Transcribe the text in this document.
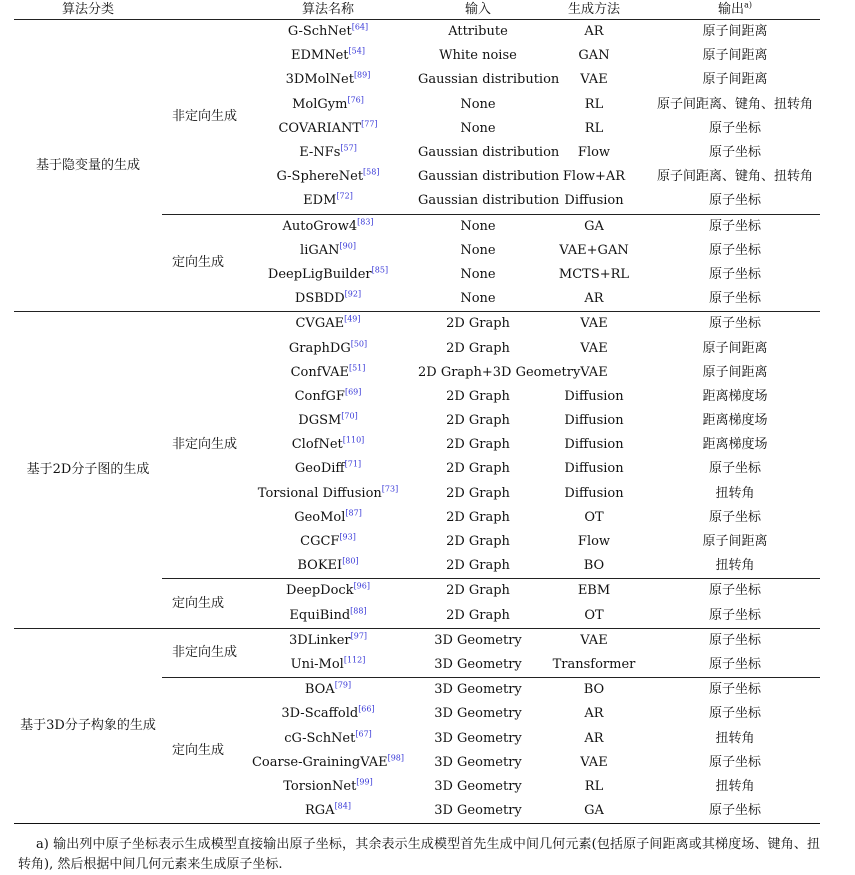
算法分类		算法名称	输入	生成方法	输出$^{a)}$
基于隐变量的生成	非定向生成	G-SchNet[64]	Attribute	AR	原子间距离
		EDMNet[54]	White noise	GAN	原子间距离
		3DMolNet[89]	Gaussian distribution	VAE	原子间距离
		MolGym[76]	None	RL	原子间距离、键角、扭转角
		COVARIANT[77]	None	RL	原子坐标
		E-NFs[57]	Gaussian distribution	Flow	原子坐标
		G-SphereNet[58]	Gaussian distribution	Flow+AR	原子间距离、键角、扭转角
		EDM[72]	Gaussian distribution	Diffusion	原子坐标
	定向生成	AutoGrow4[83]	None	GA	原子坐标
		liGAN[90]	None	VAE+GAN	原子坐标
		DeepLigBuilder[85]	None	MCTS+RL	原子坐标
		DSBDD[92]	None	AR	原子坐标
基于2D分子图的生成	非定向生成	CVGAE[49]	2D Graph	VAE	原子坐标
		GraphDG[50]	2D Graph	VAE	原子间距离
		ConfVAE[51]	2D Graph+3D Geometry	VAE	原子间距离
		ConfGF[69]	2D Graph	Diffusion	距离梯度场
		DGSM[70]	2D Graph	Diffusion	距离梯度场
		ClofNet[110]	2D Graph	Diffusion	距离梯度场
		GeoDiff[71]	2D Graph	Diffusion	原子坐标
		Torsional Diffusion[73]	2D Graph	Diffusion	扭转角
		GeoMol[87]	2D Graph	OT	原子坐标
		CGCF[93]	2D Graph	Flow	原子间距离
		BOKEI[80]	2D Graph	BO	扭转角
	定向生成	DeepDock[96]	2D Graph	EBM	原子坐标
		EquiBind[88]	2D Graph	OT	原子坐标
基于3D分子构象的生成	非定向生成	3DLinker[97]	3D Geometry	VAE	原子坐标
		Uni-Mol[112]	3D Geometry	Transformer	原子坐标
	定向生成	BOA[79]	3D Geometry	BO	原子坐标
		3D-Scaffold[66]	3D Geometry	AR	原子坐标
		cG-SchNet[67]	3D Geometry	AR	扭转角
		Coarse-GrainingVAE[98]	3D Geometry	VAE	原子坐标
		TorsionNet[99]	3D Geometry	RL	扭转角
		RGA[84]	3D Geometry	GA	原子坐标

a) 输出列中原子坐标表示生成模型直接输出原子坐标，其余表示生成模型首先生成中间几何元素(包括原子间距离或其梯度场、键角、扭转角), 然后根据中间几何元素来生成原子坐标.
